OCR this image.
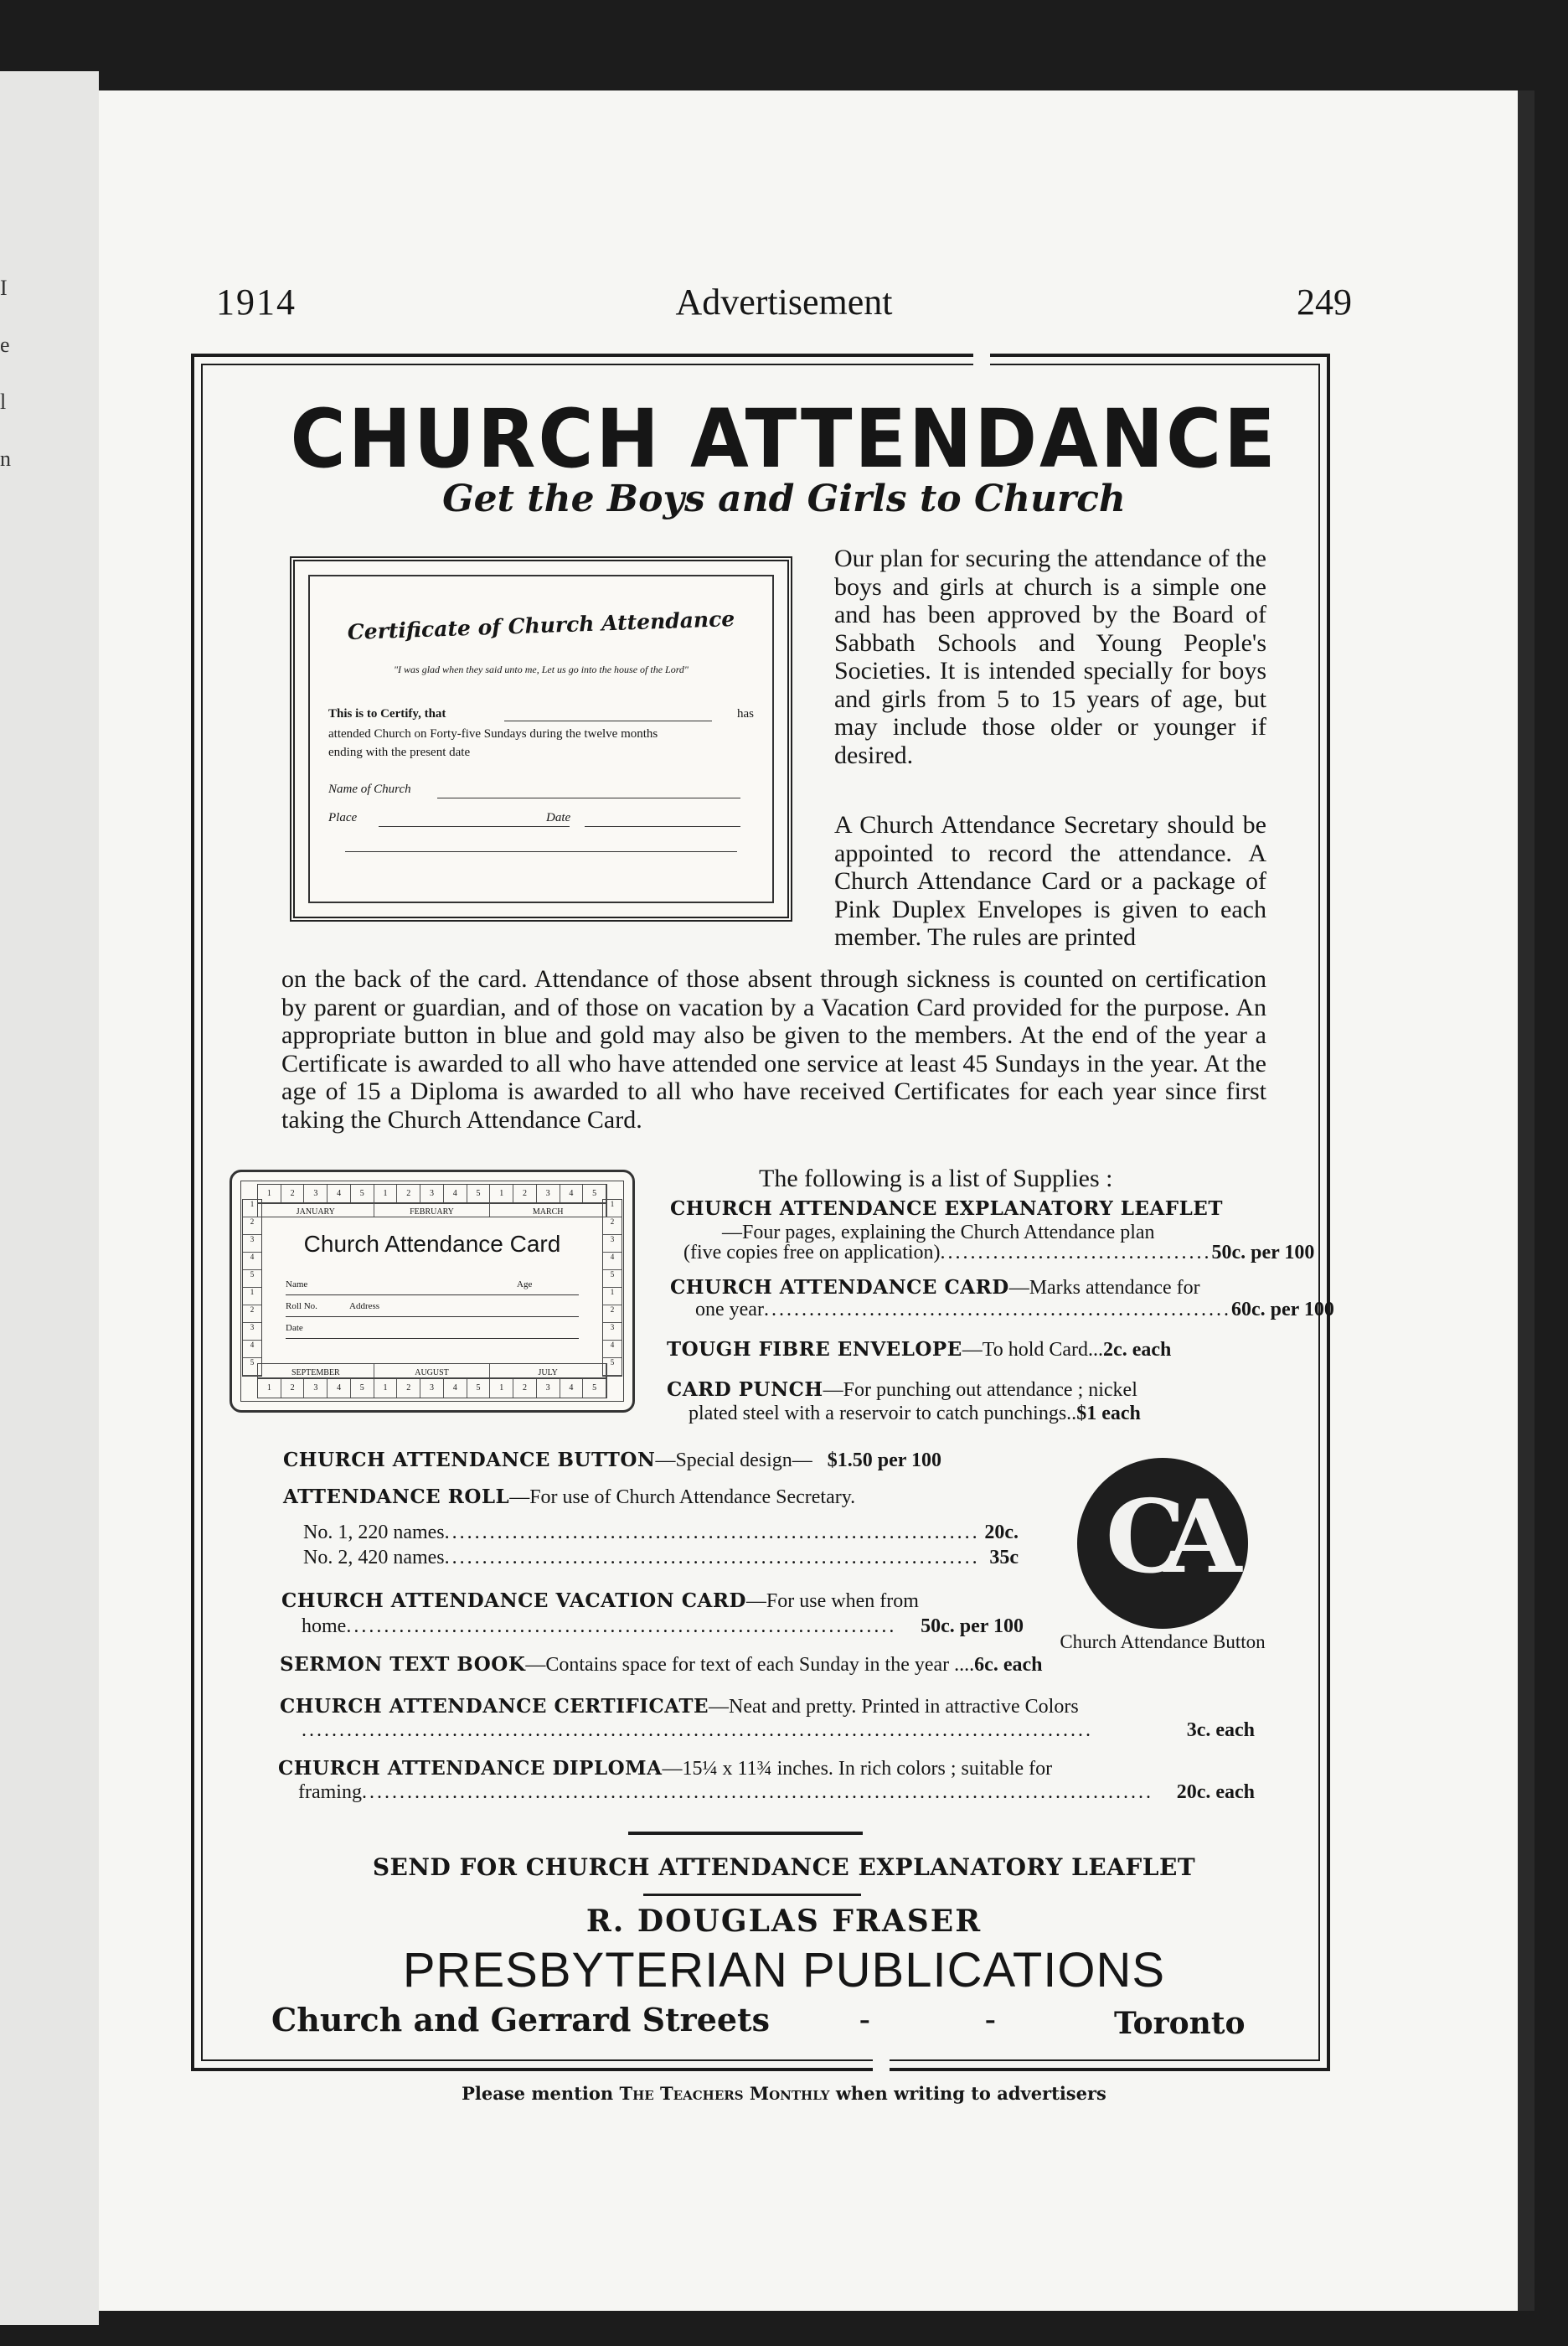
I
e
l
n
1914	Advertisement	249
CHURCH ATTENDANCE
Get the Boys and Girls to Church
Certificate of Church Attendance
"I was glad when they said unto me, Let us go into the house of the Lord"
This is to Certify, that	has
attended Church on Forty-five Sundays during the twelve months
ending with the present date
Name of Church
Place	Date
Our plan for securing the attendance of the boys and girls at church is a simple one and has been approved by the Board of Sabbath Schools and Young People's Societies. It is intended specially for boys and girls from 5 to 15 years of age, but may include those older or younger if desired.
A Church Attendance Secretary should be appointed to record the attendance. A Church Attendance Card or a package of Pink Duplex Envelopes is given to each member. The rules are printed
on the back of the card. Attendance of those absent through sickness is counted on certification by parent or guardian, and of those on vacation by a Vacation Card provided for the purpose. An appropriate button in blue and gold may also be given to the members. At the end of the year a Certificate is awarded to all who have attended one service at least 45 Sundays in the year. At the age of 15 a Diploma is awarded to all who have received Certificates for each year since first taking the Church Attendance Card.
1	2	3	4	5	1	2	3	4	5	1	2	3	4	5
JANUARY	FEBRUARY	MARCH
SEPTEMBER	AUGUST	JULY
1	2	3	4	5	1	2	3	4	5	1	2	3	4	5
1
2
3
4
5
1
2
3
4
5
1
2
3
4
5
1
2
3
4
5
Church Attendance Card
Name	Age
Roll No.	Address
Date
The following is a list of Supplies :
CHURCH ATTENDANCE EXPLANATORY LEAFLET
—Four pages, explaining the Church Attendance plan
(five copies free on application) .................................... 50c. per 100
CHURCH ATTENDANCE CARD—Marks attendance for
one year .............................................................. 60c. per 100
TOUGH FIBRE ENVELOPE—To hold Card...2c. each
CARD PUNCH—For punching out attendance ; nickel
plated steel with a reservoir to catch punchings..$1 each
CHURCH ATTENDANCE BUTTON—Special design— $1.50 per 100
ATTENDANCE ROLL—For use of Church Attendance Secretary.
No. 1, 220 names ....................................................................... 20c.
No. 2, 420 names ....................................................................... 35c
CHURCH ATTENDANCE VACATION CARD—For use when from
home .........................................................................	50c. per 100
SERMON TEXT BOOK—Contains space for text of each Sunday in the year ....6c. each
CHURCH ATTENDANCE CERTIFICATE—Neat and pretty. Printed in attractive Colors
.........................................................................................................	3c. each
CHURCH ATTENDANCE DIPLOMA—15¼ x 11¾ inches. In rich colors ; suitable for
framing .........................................................................................................	20c. each
CA
Church Attendance Button
SEND FOR CHURCH ATTENDANCE EXPLANATORY LEAFLET
R. DOUGLAS FRASER
PRESBYTERIAN PUBLICATIONS
Church and Gerrard Streets	-	-	Toronto
Please mention The Teachers Monthly when writing to advertisers
